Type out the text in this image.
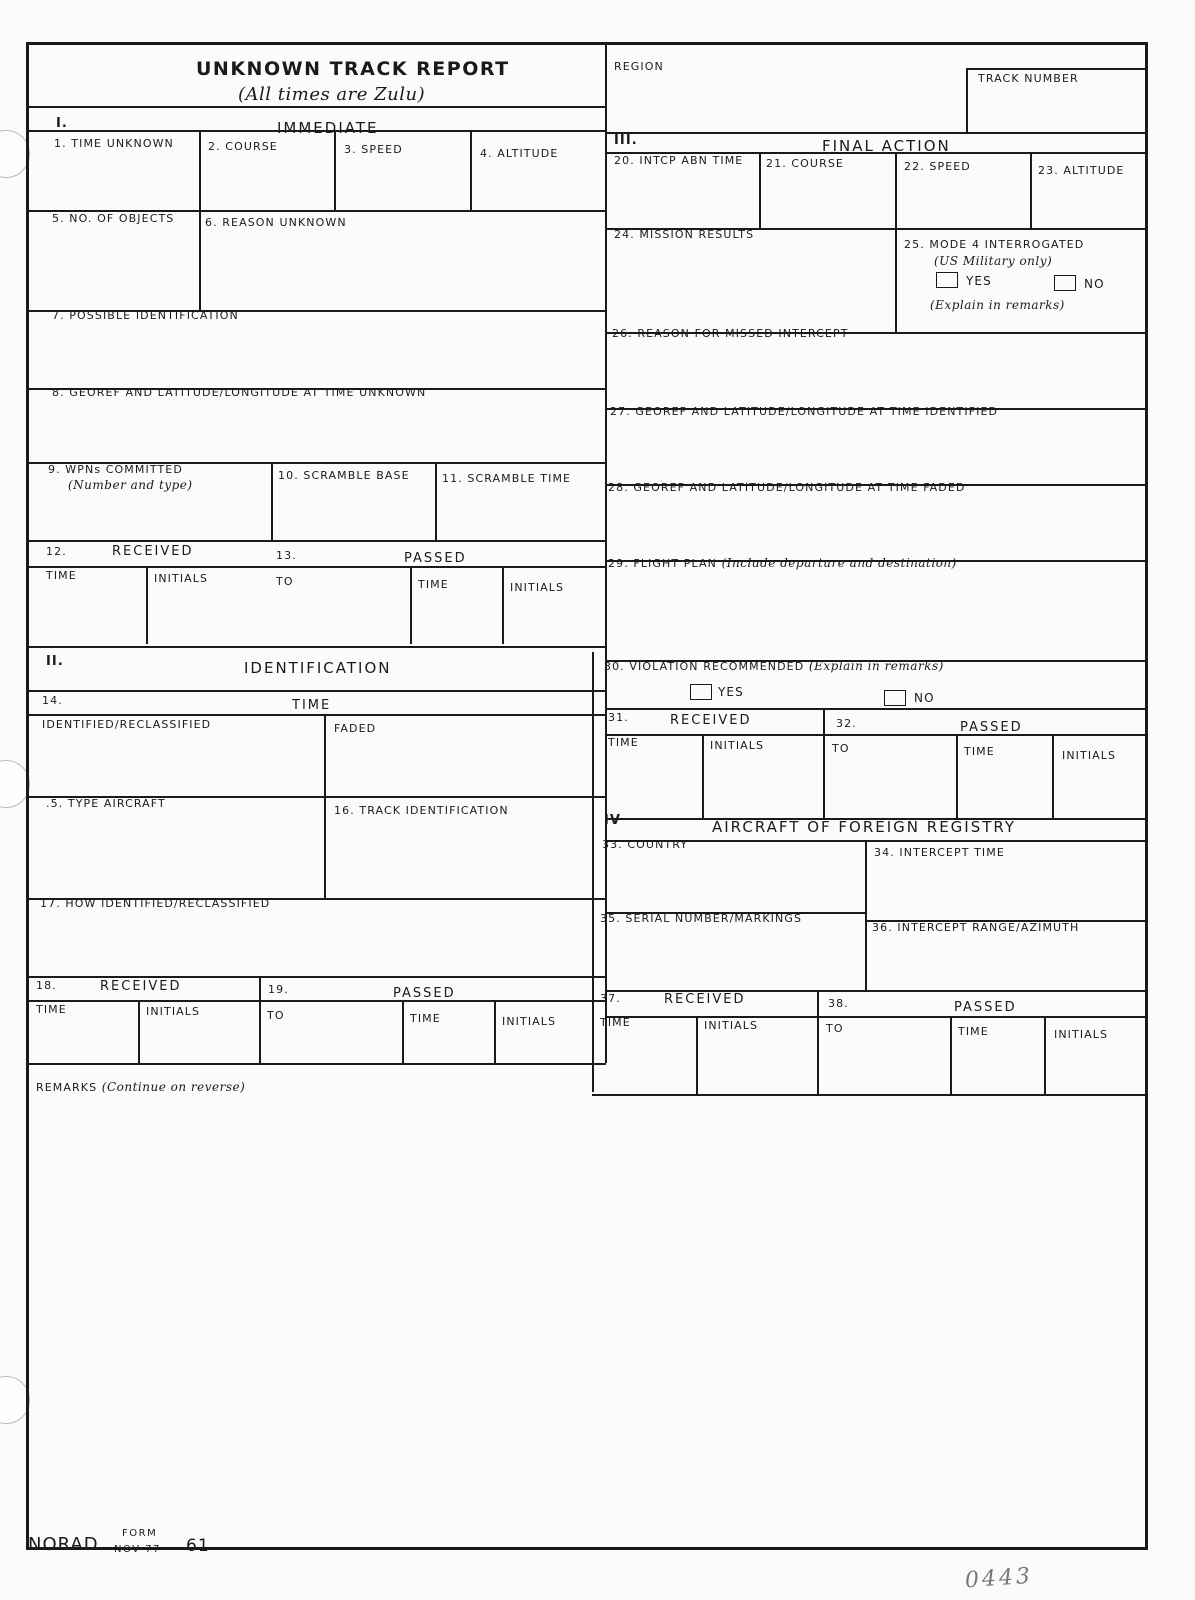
UNKNOWN TRACK REPORT
(All times are Zulu)
REGION
TRACK NUMBER
I.	IMMEDIATE
1. TIME UNKNOWN	2. COURSE	3. SPEED	4. ALTITUDE
5. NO. OF OBJECTS	6. REASON UNKNOWN
7. POSSIBLE IDENTIFICATION
8. GEOREF AND LATITUDE/LONGITUDE AT TIME UNKNOWN
9. WPNs COMMITTED
(Number and type)
10. SCRAMBLE BASE	11. SCRAMBLE TIME
12.	RECEIVED	13.	PASSED
TIME	INITIALS	TO	TIME	INITIALS
II.	IDENTIFICATION
14.	TIME
IDENTIFIED/RECLASSIFIED	FADED
.5. TYPE AIRCRAFT
16. TRACK IDENTIFICATION
17. HOW IDENTIFIED/RECLASSIFIED
18.	RECEIVED	19.	PASSED
TIME	INITIALS	TO	TIME	INITIALS
III.	FINAL ACTION
20. INTCP ABN TIME 21. COURSE	22. SPEED	23. ALTITUDE
24. MISSION RESULTS
25. MODE 4 INTERROGATED
(US Military only)
YES	NO
(Explain in remarks)
26. REASON FOR MISSED INTERCEPT
27. GEOREF AND LATITUDE/LONGITUDE AT TIME IDENTIFIED
28. GEOREF AND LATITUDE/LONGITUDE AT TIME FADED
29. FLIGHT PLAN (Include departure and destination)
30. VIOLATION RECOMMENDED (Explain in remarks)
YES	NO
31.	RECEIVED	32.	PASSED
TIME	INITIALS	TO	TIME	INITIALS
IV	AIRCRAFT OF FOREIGN REGISTRY
33. COUNTRY
34. INTERCEPT TIME
35. SERIAL NUMBER/MARKINGS
36. INTERCEPT RANGE/AZIMUTH
37.	RECEIVED	38.	PASSED
TIME	INITIALS	TO	TIME	INITIALS
REMARKS (Continue on reverse)
NORAD
FORM
NOV 77 61
0443
